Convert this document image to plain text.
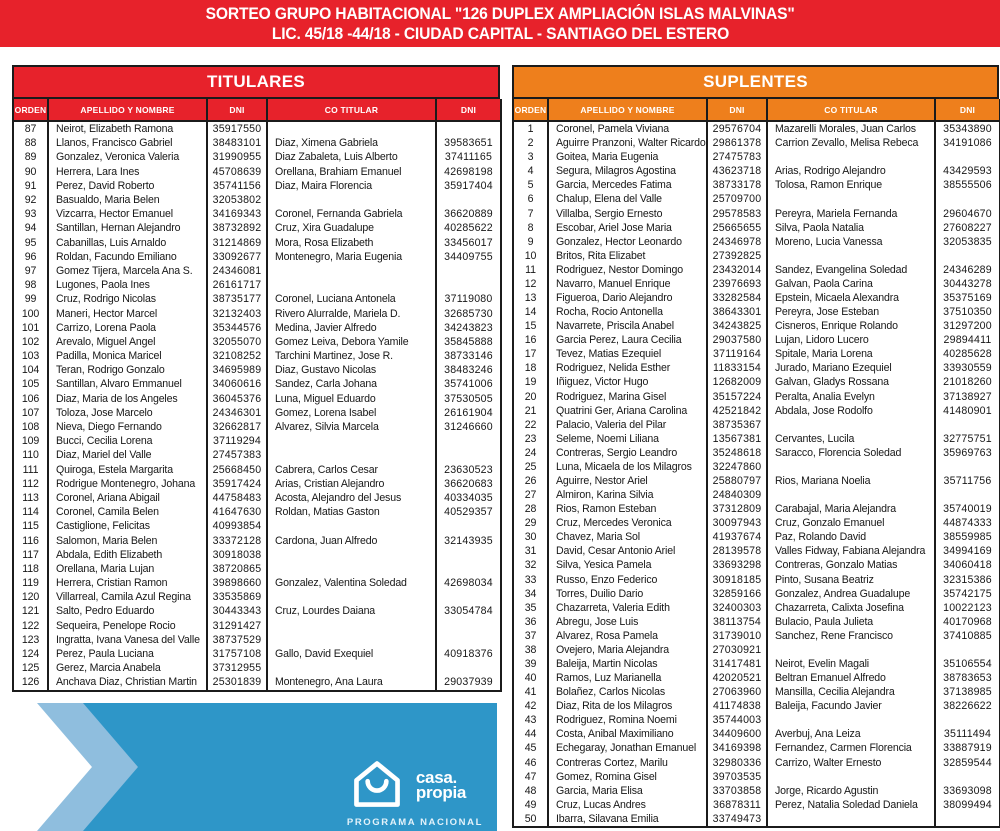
SORTEO GRUPO HABITACIONAL "126 DUPLEX AMPLIACIÓN ISLAS MALVINAS"
LIC. 45/18 -44/18 - CIUDAD CAPITAL - SANTIAGO DEL ESTERO
TITULARES
ORDEN	APELLIDO Y NOMBRE	DNI	CO TITULAR	DNI
87	Neirot, Elizabeth Ramona	35917550		
88	Llanos, Francisco Gabriel	38483101	Diaz, Ximena Gabriela	39583651
89	Gonzalez, Veronica Valeria	31990955	Diaz Zabaleta, Luis Alberto	37411165
90	Herrera, Lara Ines	45708639	Orellana, Brahiam Emanuel	42698198
91	Perez, David Roberto	35741156	Diaz, Maira Florencia	35917404
92	Basualdo, Maria Belen	32053802		
93	Vizcarra, Hector Emanuel	34169343	Coronel, Fernanda Gabriela	36620889
94	Santillan, Hernan Alejandro	38732892	Cruz, Xira Guadalupe	40285622
95	Cabanillas, Luis Arnaldo	31214869	Mora, Rosa Elizabeth	33456017
96	Roldan, Facundo Emiliano	33092677	Montenegro, Maria Eugenia	34409755
97	Gomez Tijera, Marcela Ana S.	24346081		
98	Lugones, Paola Ines	26161717		
99	Cruz, Rodrigo Nicolas	38735177	Coronel, Luciana Antonela	37119080
100	Maneri, Hector Marcel	32132403	Rivero Alurralde, Mariela D.	32685730
101	Carrizo, Lorena Paola	35344576	Medina, Javier Alfredo	34243823
102	Arevalo, Miguel Angel	32055070	Gomez Leiva, Debora Yamile	35845888
103	Padilla, Monica Maricel	32108252	Tarchini Martinez, Jose R.	38733146
104	Teran, Rodrigo Gonzalo	34695989	Diaz, Gustavo Nicolas	38483246
105	Santillan, Alvaro Emmanuel	34060616	Sandez, Carla Johana	35741006
106	Diaz, Maria de los Angeles	36045376	Luna, Miguel Eduardo	37530505
107	Toloza, Jose Marcelo	24346301	Gomez, Lorena Isabel	26161904
108	Nieva, Diego Fernando	32662817	Alvarez, Silvia Marcela	31246660
109	Bucci, Cecilia Lorena	37119294		
110	Diaz, Mariel del Valle	27457383		
111	Quiroga, Estela Margarita	25668450	Cabrera, Carlos Cesar	23630523
112	Rodrigue Montenegro, Johana	35917424	Arias, Cristian Alejandro	36620683
113	Coronel, Ariana Abigail	44758483	Acosta, Alejandro del Jesus	40334035
114	Coronel, Camila Belen	41647630	Roldan, Matias Gaston	40529357
115	Castiglione, Felicitas	40993854		
116	Salomon, Maria Belen	33372128	Cardona, Juan Alfredo	32143935
117	Abdala, Edith Elizabeth	30918038		
118	Orellana, Maria Lujan	38720865		
119	Herrera, Cristian Ramon	39898660	Gonzalez, Valentina Soledad	42698034
120	Villarreal, Camila Azul Regina	33535869		
121	Salto, Pedro Eduardo	30443343	Cruz, Lourdes Daiana	33054784
122	Sequeira, Penelope Rocio	31291427		
123	Ingratta, Ivana Vanesa del Valle	38737529		
124	Perez, Paula Luciana	31757108	Gallo, David Exequiel	40918376
125	Gerez, Marcia Anabela	37312955		
126	Anchava Diaz, Christian Martin	25301839	Montenegro, Ana Laura	29037939
SUPLENTES
ORDEN	APELLIDO Y NOMBRE	DNI	CO TITULAR	DNI
1	Coronel, Pamela Viviana	29576704	Mazarelli Morales, Juan Carlos	35343890
2	Aguirre Pranzoni, Walter Ricardo	29861378	Carrion Zevallo, Melisa Rebeca	34191086
3	Goitea, Maria Eugenia	27475783		
4	Segura, Milagros Agostina	43623718	Arias, Rodrigo Alejandro	43429593
5	Garcia, Mercedes Fatima	38733178	Tolosa, Ramon Enrique	38555506
6	Chalup, Elena del Valle	25709700		
7	Villalba, Sergio Ernesto	29578583	Pereyra, Mariela Fernanda	29604670
8	Escobar, Ariel Jose Maria	25665655	Silva, Paola Natalia	27608227
9	Gonzalez, Hector Leonardo	24346978	Moreno, Lucia Vanessa	32053835
10	Britos, Rita Elizabet	27392825		
11	Rodriguez, Nestor Domingo	23432014	Sandez, Evangelina Soledad	24346289
12	Navarro, Manuel Enrique	23976693	Galvan, Paola Carina	30443278
13	Figueroa, Dario Alejandro	33282584	Epstein, Micaela Alexandra	35375169
14	Rocha, Rocio Antonella	38643301	Pereyra, Jose Esteban	37510350
15	Navarrete, Priscila Anabel	34243825	Cisneros, Enrique Rolando	31297200
16	Garcia Perez, Laura Cecilia	29037580	Lujan, Lidoro Lucero	29894411
17	Tevez, Matias Ezequiel	37119164	Spitale, Maria Lorena	40285628
18	Rodriguez, Nelida Esther	11833154	Jurado, Mariano Ezequiel	33930559
19	Iñiguez, Victor Hugo	12682009	Galvan, Gladys Rossana	21018260
20	Rodriguez, Marina Gisel	35157224	Peralta, Analia Evelyn	37138927
21	Quatrini Ger, Ariana Carolina	42521842	Abdala, Jose Rodolfo	41480901
22	Palacio, Valeria del Pilar	38735367		
23	Seleme, Noemi Liliana	13567381	Cervantes, Lucila	32775751
24	Contreras, Sergio Leandro	35248618	Saracco, Florencia Soledad	35969763
25	Luna, Micaela de los Milagros	32247860		
26	Aguirre, Nestor Ariel	25880797	Rios, Mariana Noelia	35711756
27	Almiron, Karina Silvia	24840309		
28	Rios, Ramon Esteban	37312809	Carabajal, Maria Alejandra	35740019
29	Cruz, Mercedes Veronica	30097943	Cruz, Gonzalo Emanuel	44874333
30	Chavez, Maria Sol	41937674	Paz, Rolando David	38559985
31	David, Cesar Antonio Ariel	28139578	Valles Fidway, Fabiana Alejandra	34994169
32	Silva, Yesica Pamela	33693298	Contreras, Gonzalo Matias	34060418
33	Russo, Enzo Federico	30918185	Pinto, Susana Beatriz	32315386
34	Torres, Duilio Dario	32859166	Gonzalez, Andrea Guadalupe	35742175
35	Chazarreta, Valeria Edith	32400303	Chazarreta, Calixta Josefina	10022123
36	Abregu, Jose Luis	38113754	Bulacio, Paula Julieta	40170968
37	Alvarez, Rosa Pamela	31739010	Sanchez, Rene Francisco	37410885
38	Ovejero, Maria Alejandra	27030921		
39	Baleija, Martin Nicolas	31417481	Neirot, Evelin Magali	35106554
40	Ramos, Luz Marianella	42020521	Beltran Emanuel Alfredo	38783653
41	Bolañez, Carlos Nicolas	27063960	Mansilla, Cecilia Alejandra	37138985
42	Diaz, Rita de los Milagros	41174838	Baleija, Facundo Javier	38226622
43	Rodriguez, Romina Noemi	35744003		
44	Costa, Anibal Maximiliano	34409600	Averbuj, Ana Leiza	35111494
45	Echegaray, Jonathan Emanuel	34169398	Fernandez, Carmen Florencia	33887919
46	Contreras Cortez, Marilu	32980336	Carrizo, Walter Ernesto	32859544
47	Gomez, Romina Gisel	39703535		
48	Garcia, Maria Elisa	33703858	Jorge, Ricardo Agustin	33693098
49	Cruz, Lucas Andres	36878311	Perez, Natalia Soledad Daniela	38099494
50	Ibarra, Silavana Emilia	33749473		
casa.
propia
PROGRAMA NACIONAL
